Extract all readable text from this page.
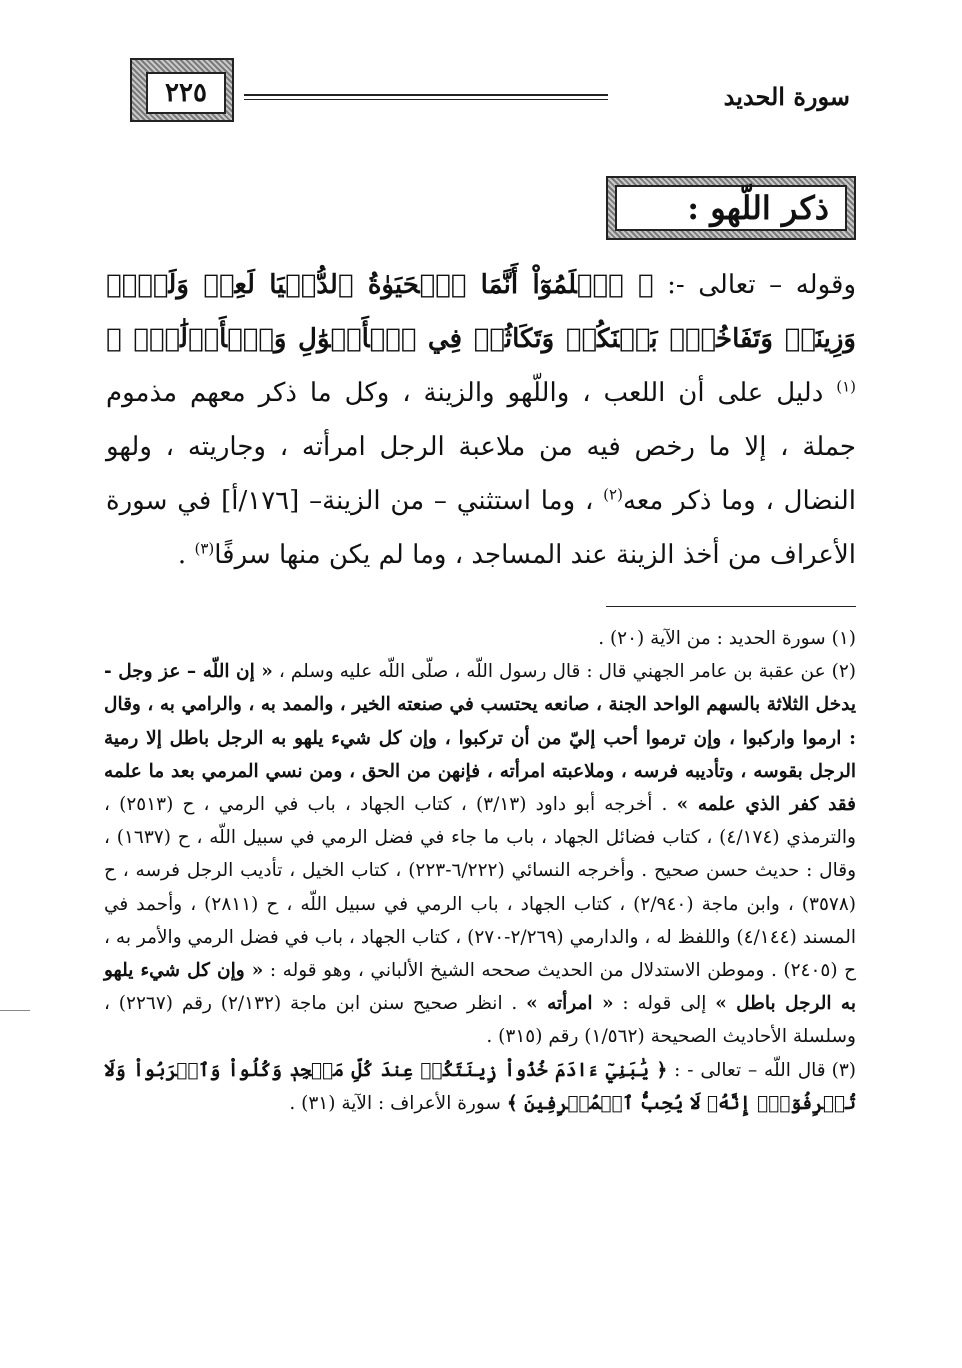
٢٢٥	سورة الحديد
ذكر اللّهو :
وقوله – تعالى -: ﴿ ٱعۡلَمُوٓاْ أَنَّمَا ٱلۡحَيَوٰةُ ٱلدُّنۡيَا لَعِبٞ وَلَهۡوٞ وَزِينَةٞ وَتَفَاخُرُۢ بَيۡنَكُمۡ وَتَكَاثُرٞ فِي ٱلۡأَمۡوَٰلِ وَٱلۡأَوۡلَٰدِۖ ﴾$^{(١)}$ دليل على أن اللعب ، واللّهو والزينة ، وكل ما ذكر معهم مذموم جملة ، إلا ما رخص فيه من ملاعبة الرجل امرأته ، وجاريته ، ولهو النضال ، وما ذكر معه$^{(٢)}$ ، وما استثني – من الزينة– [١٧٦/أ] في سورة الأعراف من أخذ الزينة عند المساجد ، وما لم يكن منها سرفًا$^{(٣)}$ .

(١)سورة الحديد : من الآية (٢٠) .

(٢)عن عقبة بن عامر الجهني قال : قال رسول اللّه ، صلّى اللّه عليه وسلم ، « إن اللّه – عز وجل - يدخل الثلاثة بالسهم الواحد الجنة ، صانعه يحتسب في صنعته الخير ، والممد به ، والرامي به ، وقال : ارموا واركبوا ، وإن ترموا أحب إليّ من أن تركبوا ، وإن كل شيء يلهو به الرجل باطل إلا رمية الرجل بقوسه ، وتأديبه فرسه ، وملاعبته امرأته ، فإنهن من الحق ، ومن نسي المرمي بعد ما علمه فقد كفر الذي علمه » . أخرجه أبو داود (٣/١٣) ، كتاب الجهاد ، باب في الرمي ، ح (٢٥١٣) ، والترمذي (٤/١٧٤) ، كتاب فضائل الجهاد ، باب ما جاء في فضل الرمي في سبيل اللّه ، ح (١٦٣٧) ، وقال : حديث حسن صحيح . وأخرجه النسائي (٦/٢٢٢-٢٢٣) ، كتاب الخيل ، تأديب الرجل فرسه ، ح (٣٥٧٨) ، وابن ماجة (٢/٩٤٠) ، كتاب الجهاد ، باب الرمي في سبيل اللّه ، ح (٢٨١١) ، وأحمد في المسند (٤/١٤٤) واللفظ له ، والدارمي (٢/٢٦٩-٢٧٠) ، كتاب الجهاد ، باب في فضل الرمي والأمر به ، ح (٢٤٠٥) . وموطن الاستدلال من الحديث صححه الشيخ الألباني ، وهو قوله : « وإن كل شيء يلهو به الرجل باطل » إلى قوله : « امرأته » . انظر صحيح سنن ابن ماجة (٢/١٣٢) رقم (٢٢٦٧) ، وسلسلة الأحاديث الصحيحة (١/٥٦٢) رقم (٣١٥) .

(٣)قال اللّه – تعالى - : ﴿ يَٰبَنِيٓ ءَادَمَ خُذُواْ زِينَتَكُمۡ عِندَ كُلِّ مَسۡجِدٖ وَكُلُواْ وَٱشۡرَبُواْ وَلَا تُسۡرِفُوٓاْۚ إِنَّهُۥ لَا يُحِبُّ ٱلۡمُسۡرِفِينَ ﴾ سورة الأعراف : الآية (٣١) .
